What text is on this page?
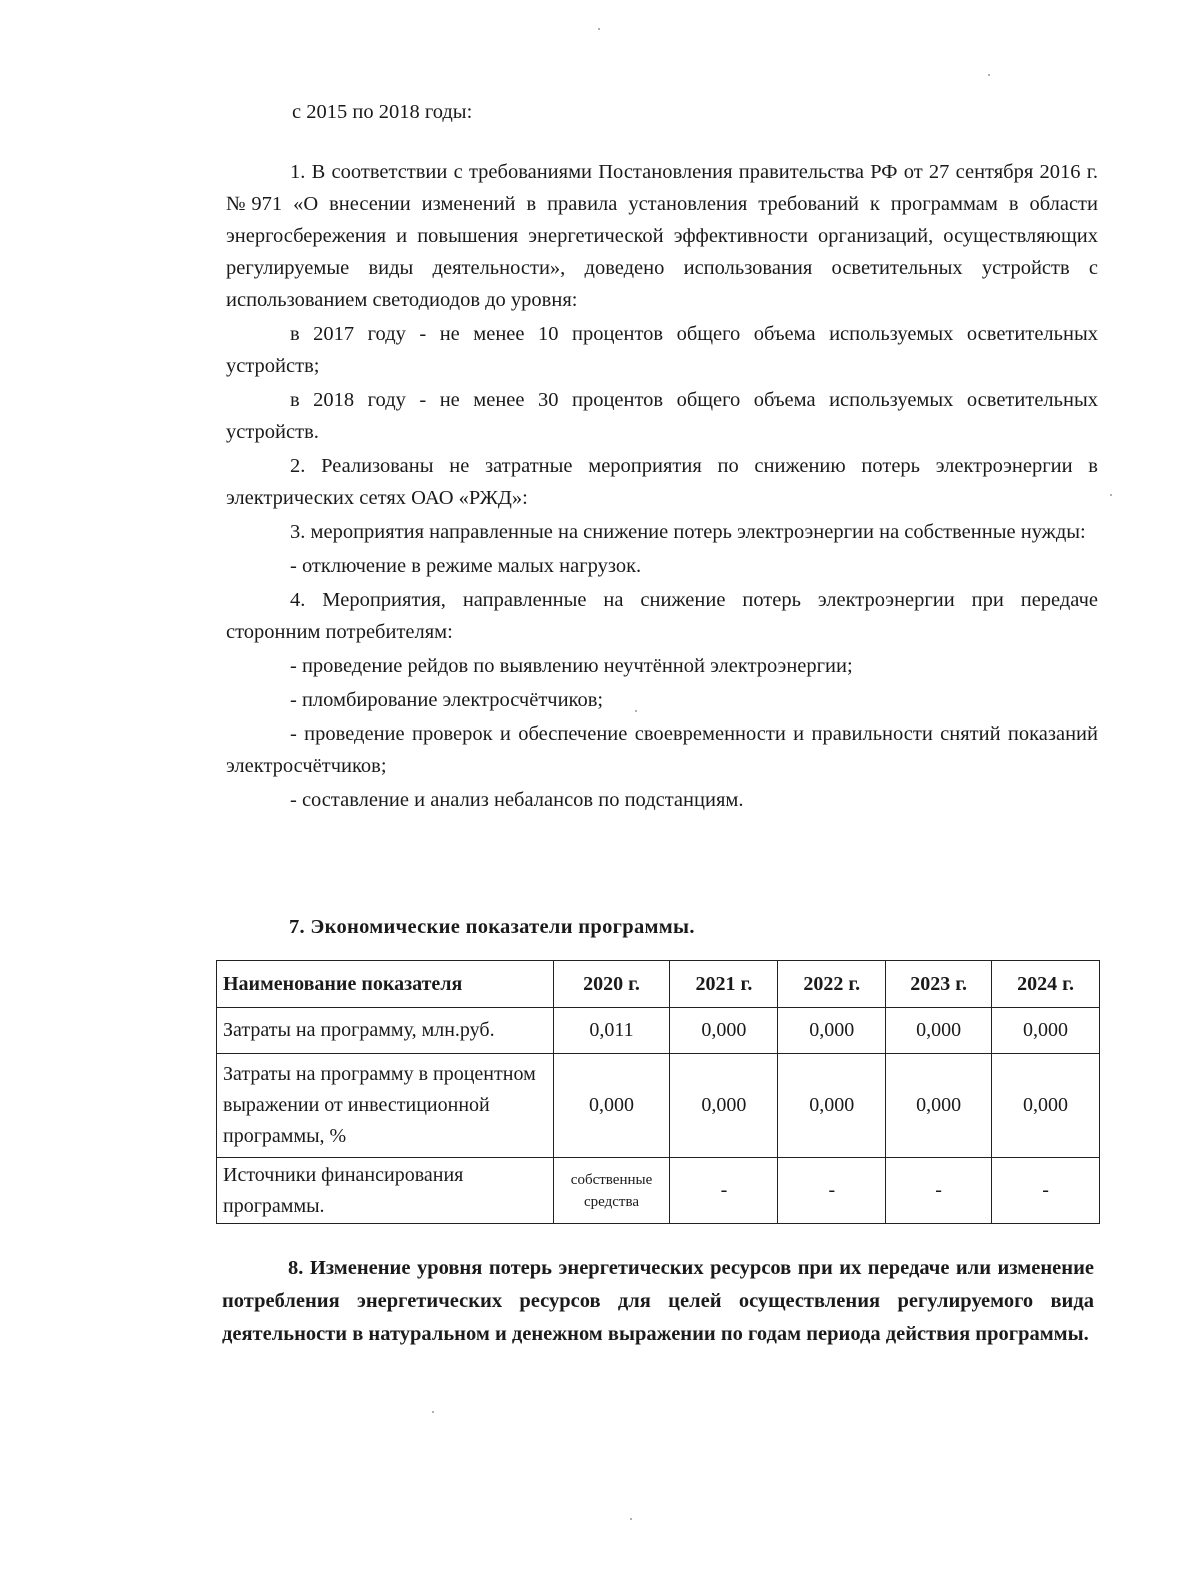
с 2015 по 2018 годы:

1. В соответствии с требованиями Постановления правительства РФ от 27 сентября 2016 г. №971 «О внесении изменений в правила установления требований к программам в области энергосбережения и повышения энергетической эффективности организаций, осуществляющих регулируемые виды деятельности», доведено использования осветительных устройств с использованием светодиодов до уровня:

в 2017 году - не менее 10 процентов общего объема используемых осветительных устройств;

в 2018 году - не менее 30 процентов общего объема используемых осветительных устройств.

2. Реализованы не затратные мероприятия по снижению потерь электроэнергии в электрических сетях ОАО «РЖД»:

3. мероприятия направленные на снижение потерь электроэнергии на собственные нужды:

- отключение в режиме малых нагрузок.

4. Мероприятия, направленные на снижение потерь электроэнергии при передаче сторонним потребителям:

- проведение рейдов по выявлению неучтённой электроэнергии;

- пломбирование электросчётчиков;

- проведение проверок и обеспечение своевременности и правильности снятий показаний электросчётчиков;

- составление и анализ небалансов по подстанциям.

7. Экономические показатели программы.
Наименование показателя	2020 г.	2021 г.	2022 г.	2023 г.	2024 г.
Затраты на программу, млн.руб.	0,011	0,000	0,000	0,000	0,000
Затраты на программу в процентном выражении от инвестиционной программы, %	0,000	0,000	0,000	0,000	0,000
Источники финансирования программы.	собственные средства	-	-	-	-
8. Изменение уровня потерь энергетических ресурсов при их передаче или изменение потребления энергетических ресурсов для целей осуществления регулируемого вида деятельности в натуральном и денежном выражении по годам периода действия программы.
